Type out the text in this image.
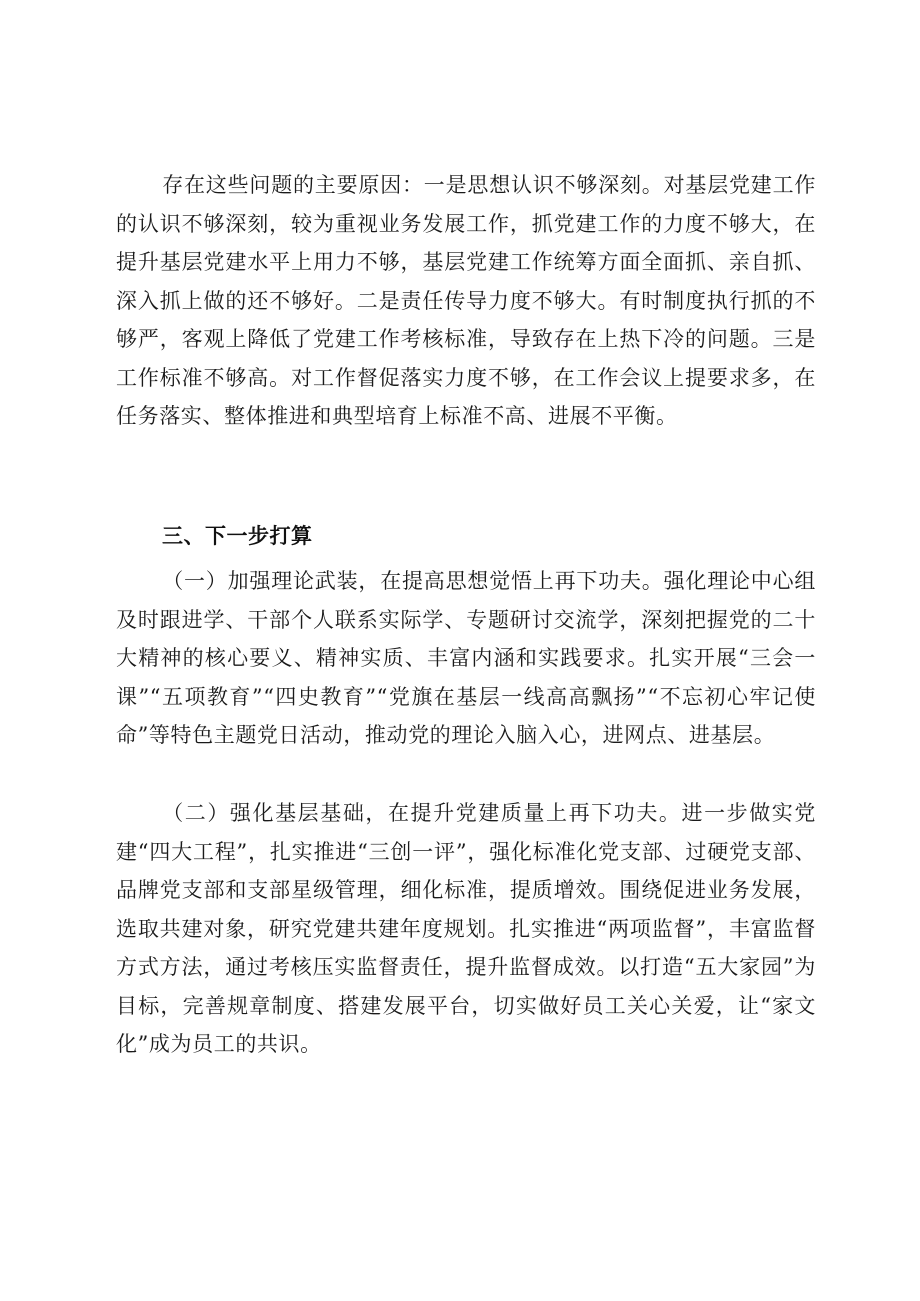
存在这些问题的主要原因：一是思想认识不够深刻。对基层党建工作的认识不够深刻，较为重视业务发展工作，抓党建工作的力度不够大，在提升基层党建水平上用力不够，基层党建工作统筹方面全面抓、亲自抓、深入抓上做的还不够好。二是责任传导力度不够大。有时制度执行抓的不够严，客观上降低了党建工作考核标准，导致存在上热下冷的问题。三是工作标准不够高。对工作督促落实力度不够，在工作会议上提要求多，在任务落实、整体推进和典型培育上标准不高、进展不平衡。

三、下一步打算

（一）加强理论武装，在提高思想觉悟上再下功夫。强化理论中心组及时跟进学、干部个人联系实际学、专题研讨交流学，深刻把握党的二十大精神的核心要义、精神实质、丰富内涵和实践要求。扎实开展“三会一课”“五项教育”“四史教育”“党旗在基层一线高高飘扬”“不忘初心牢记使命”等特色主题党日活动，推动党的理论入脑入心，进网点、进基层。

（二）强化基层基础，在提升党建质量上再下功夫。进一步做实党建“四大工程”，扎实推进“三创一评”，强化标准化党支部、过硬党支部、品牌党支部和支部星级管理，细化标准，提质增效。围绕促进业务发展，选取共建对象，研究党建共建年度规划。扎实推进“两项监督”，丰富监督方式方法，通过考核压实监督责任，提升监督成效。以打造“五大家园”为目标，完善规章制度、搭建发展平台，切实做好员工关心关爱，让“家文化”成为员工的共识。
